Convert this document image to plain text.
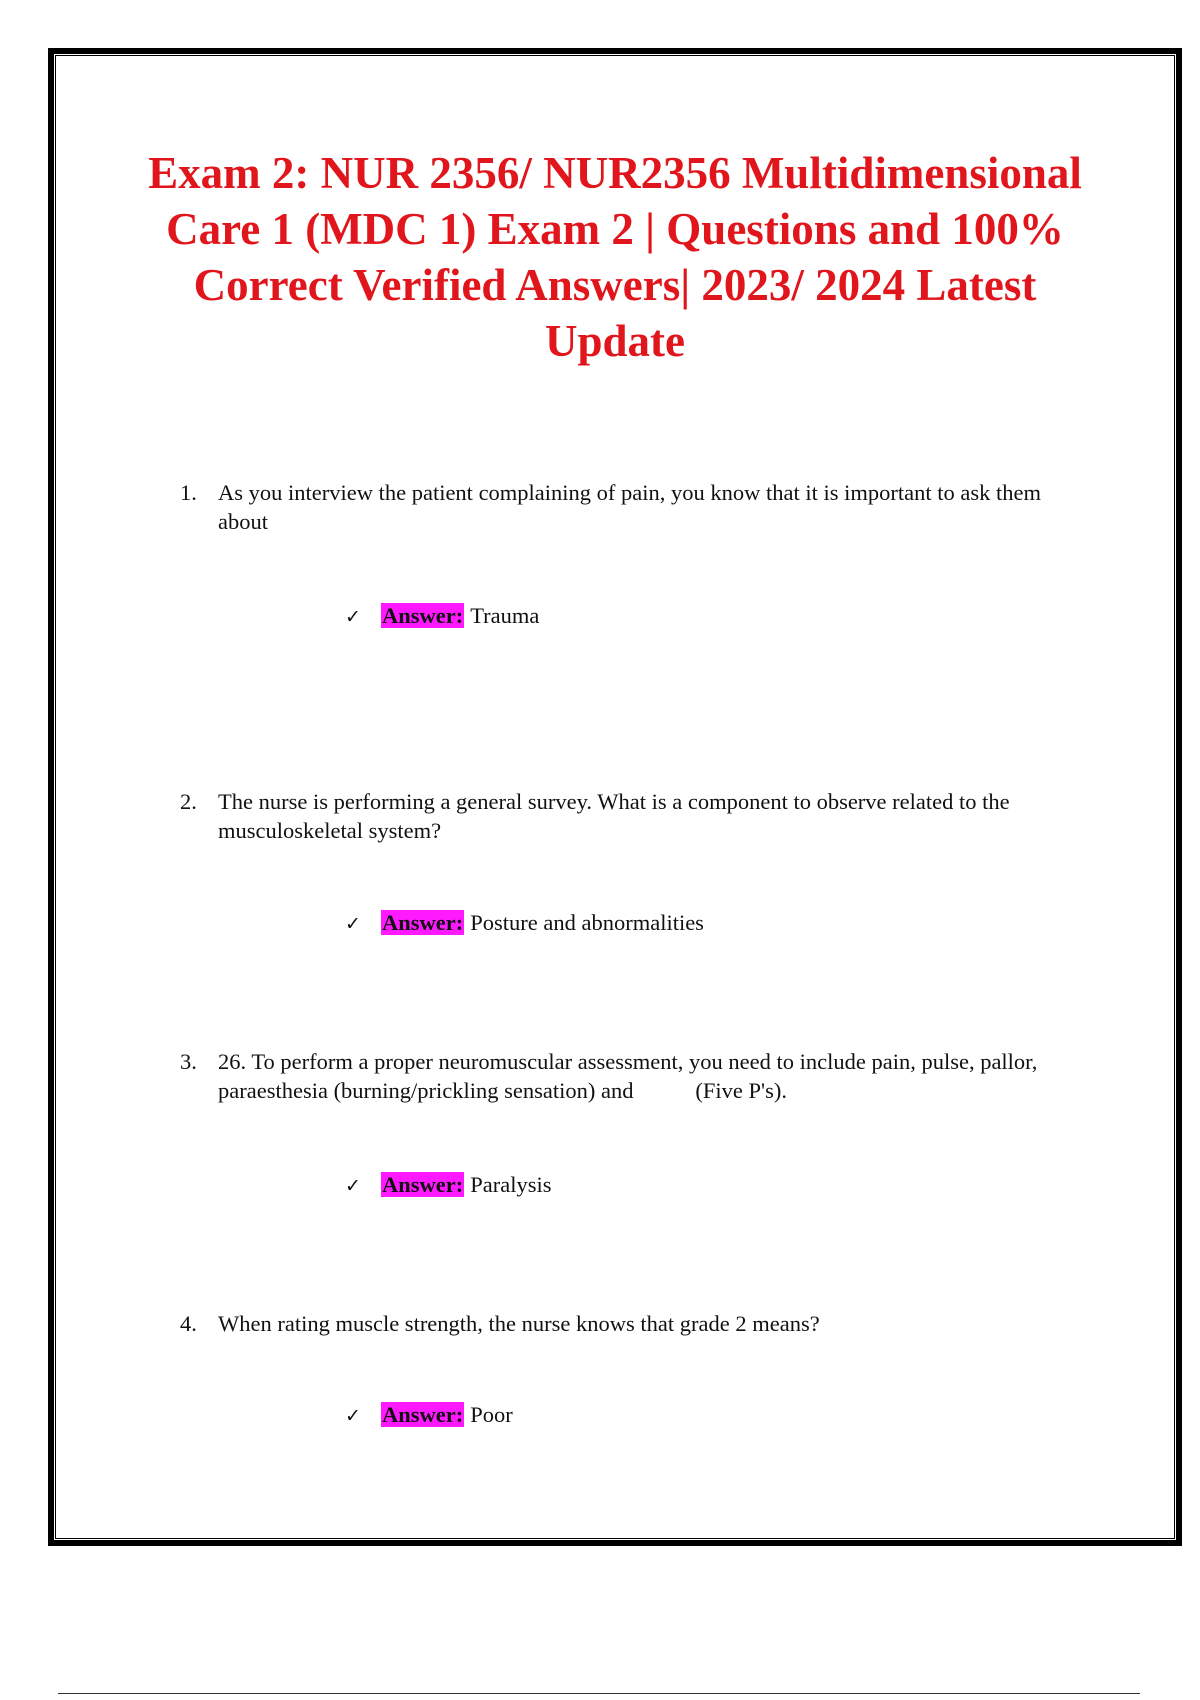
Exam 2: NUR 2356/ NUR2356 Multidimensional Care 1 (MDC 1) Exam 2 | Questions and 100% Correct Verified Answers| 2023/ 2024 Latest Update
1. As you interview the patient complaining of pain, you know that it is important to ask them about
✓ Answer: Trauma
2. The nurse is performing a general survey. What is a component to observe related to the musculoskeletal system?
✓ Answer: Posture and abnormalities
3. 26. To perform a proper neuromuscular assessment, you need to include pain, pulse, pallor, paraesthesia (burning/prickling sensation) and           (Five P's).
✓ Answer: Paralysis
4. When rating muscle strength, the nurse knows that grade 2 means?
✓ Answer: Poor
